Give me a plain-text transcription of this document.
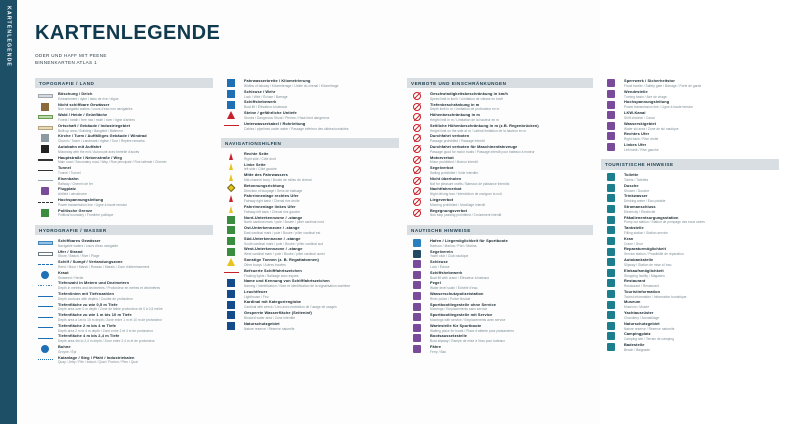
KARTENLEGENDE KARTENLEGENDE
ODER UND HAFF MIT PEENE
BINNENKARTEN ATLAS 1
TOPOGRAFIE / LAND
Böschung / Deich
Embankment / dyke / talus de rive / digue
Nicht schiffbare Gewässer
Non navigable waters / cours d'eau non navigables
Wald / Heide / Grünfläche
Forest / heath / free raw / muth / river / ligne d'arbres
Ortschaft / Gebäude / Industriegebiet
Built-up area / Building / Baugebit / Bâtiment
Kirche / Turm / Auffälliges Gebäude / Windrad
Church / Tower / Landmark / église / Tour / Repère remarka
Autobahn mit Auffahrt
Motorway with the exit / Autoroute avec bretelle d'accès
Hauptstraße / Nebenstraße / Weg
Main road / Secondary road / Way / Rue principale / Rue latérale / Chemin
Tunnel
Tunnel / Tunnel
Eisenbahn
Railway / Chemin de fer
Flugplatz
Airfield / aérodrome
Hochspannungsleitung
Power transmission line / Ligne à haute tension
Politische Grenze
Political boundary / Frontière politique
HYDROGRAFIE / WASSER
Schiffbares Gewässer
Navigable waters / cours d'eau navigable
Ufer / Strand
Shore / Beach / Rive / Plage
Schilf / Sumpf / Verlandungszone
Reed / Moor / Marsh / Roseau / Marais / Zone d'atterrissement
Kraut
Seaweed / Herbe
Tiefenzahl in Metern und Dezimetern
Depth in metres and decimetres / Profondeur en mètres et décimètres
Tiefenlinien mit Tiefenzahlen
Depth contours with depths / Courbe de profondeur
Tiefenfläche zu wie 0,5 m Tiefe
Depth area over 0 m depth / Zone de faible profondeur de 0 à 0,5 mètre
Tiefenfläche zu wie 1 m bis 10 m Tiefe
Depth area a 1m to 10 m depth / Zone entre 1 m et 10 m de profondeur
Tiefenfläche 2 m bis 4 m Tiefe
Depth area 2 m to 4 m depth / Zone entre 2 et 4 m de profondeur
Tiefenfläche 4 m bis 2,4 m Tiefe
Depth area 4m to 2,4 m depth / Zone entre 2,4 m et de profondeur
Buhne
Groyne / Épi
Kaianlage / Steg / Pfahl / Industriekaien
Quay / Jetty / Pile / Indust / Quai / Ponton / Pieu / Quai
Fahrwasserbreite / Kilometrierung
Widths of fairway / Kilometerage / Limite du chenal / Kilométrage
Schleuse / Wehr
Lock / Weir / Écluse / Barrage
Schiffshebewerk
Boat lift / Élévateur à bateaux
Steine / gefährliche Untiefe
Stones / Dangerous Shoal / Pierres / Haut-fond dangereux
Unterwasserkabel / Rohrleitung
Cables / pipelines under water / Passage inférieur des câbles/conduites
NAVIGATIONSHILFEN
Rechte Seite
Right side / Côté droit
Linke Seite
left side / Côté gauche
Mitte des Fahrwassers
Mid-channel buoy / Bouée de milieu de chenal
Betonnungsrichtung
Direction of buoyage / Sens de balisage
Fahrrinnenlage rechtes Ufer
Fairway right bank / Chenal rive droite
Fahrrinnenlage linkes Ufer
Fairway left bank / Chenal rive gauche
Nord-Unterkennzone / -stange
North cardinal mark / pole / Bouée / pilier cardinal nord
Ost-Unterkennzone / -stange
East cardinal mark / pole / Bouée / pilier cardinal est
Süd-Unterkennzone / -stange
South cardinal mark / pole / Bouée / pilier cardinal sud
West-Unterkennzone / -stange
West cardinal mark / pole / Bouée / pilier cardinal ouest
Sonstige Tonnen (z. B. Regattatonnen)
Other buoys / Autres bouées
Befeuerte Schifffahrtszeichen
Floating lights / Balisage avec espars
Name und Kennung von Schifffahrtszeichen
Naming / Identification / Nom et identification de la signalisation maritime
Leuchtfeuer
Lighthouse / Feu
Kardinal mit Kategorienglobe
Cardinal with wreck / Lieu avec restriction de l'usage de usages
Gesperrte Wasserfläche (Seiteninf)
Blocked water area / Zone interdite
Naturschutzgebiet
Nature reserve / Réserve naturelle
VERBOTE UND EINSCHRÄNKUNGEN
Geschwindigkeitsbeschränkung in km/h
Speed limit in km/h / Limitation de vitesse en km/h
Tiefenbeschränkung in m
Depth limit in m / Limitation de profondeur en m
Höhenbeschränkung in m
Height limit in m / Limitation de la hauteur en m
Seitliche Höhenbeschränkung in m (z.B. Regenbrücken)
Height limit on the side at m / Latéral limitation de la hauteur en m
Durchfahrt verboten
Passage prohibited / Passage interdit
Durchfahrt verboten für Maschinenfahrzeuge
Passage good for motor boats / Passage interdit pour bateaux à moteur
Motorverbot
Motor prohibited / Moteur interdit
Segelverbot
Sailing prohibited / Voile interdite
Nicht überholen
Not for pleasure crafts / Bateaux de plaisance interdits
Nachtfahrverbot
Night driving ban / Interdiction de naviguer la nuit
Liegeverbot
Mooring prohibited / Mouillage interdit
Begegnungsverbot
Non stop passing prohibited / Croisement interdit
NAUTISCHE HINWEISE
Hafen / Liegemöglichkeit für Sportboote
Harbour / Marina / Port / Marina
Segelverein
Yacht club / Club nautique
Schleuse
Lock / Écluse
Schiffshebewerk
Boat lift with crane / Élévateur à bateaux
Pegel
Water level scale / Échelle d'eau
Wasserschutzpolizeistation
River police / Police fluviale
Sportbootliegestelle ohne Service
Moorings / Emplacements sans service
Sportbootliegestelle mit Service
Moorings with service / Emplacements avec service
Wartestelle für Sportboote
Waiting place for boats / Place d'attente pour plaisanciers
Bootsaussetzstelle
Boat slipway / Rampe de mise à l'eau pour bateaux
Fähre
Ferry / Bac
Sperrwerk / Sicherheitstor
Flood barrier / Safety gate / Barrage / Porte de garde
Wendestelle
Turning basin / Aire de virage
Hochspannungsleitung
Power transmission line / Ligne à haute tension
LKW-Kanal
Shift channel / Canal
Wasserskigebiet
Water ski area / Zone de ski nautique
Rechtes Ufer
Right bank / Rive droite
Linkes Ufer
Left bank / Rive gauche
TOURISTISCHE HINWEISE
Toilette
Toilets / Toilettes
Dusche
Shower / Douche
Trinkwasser
Drinking water / Eau potable
Stromanschluss
Electricity / Électricité
Fäkalienentsorgungsstation
Pump out station / Station de pompage des eaux usées
Tankstelle
Filling station / Station-service
Kran
Crane / Grue
Reparaturmöglichkeit
Service station / Possibilité de réparation
Autobankstelle
Slipway / Station de mise à l'eau
Einkaufsmöglichkeit
Shopping facility / Magasins
Restaurant
Restaurant / Restaurant
Touristinformation
Tourist information / Information touristique
Museum
Museum / Musée
Yachtausrüster
Chandlery / Accastillage
Naturschutzgebiet
Nature reserve / Réserve naturelle
Campingplatz
Camping site / Terrain de camping
Badestelle
Beach / Baignade
